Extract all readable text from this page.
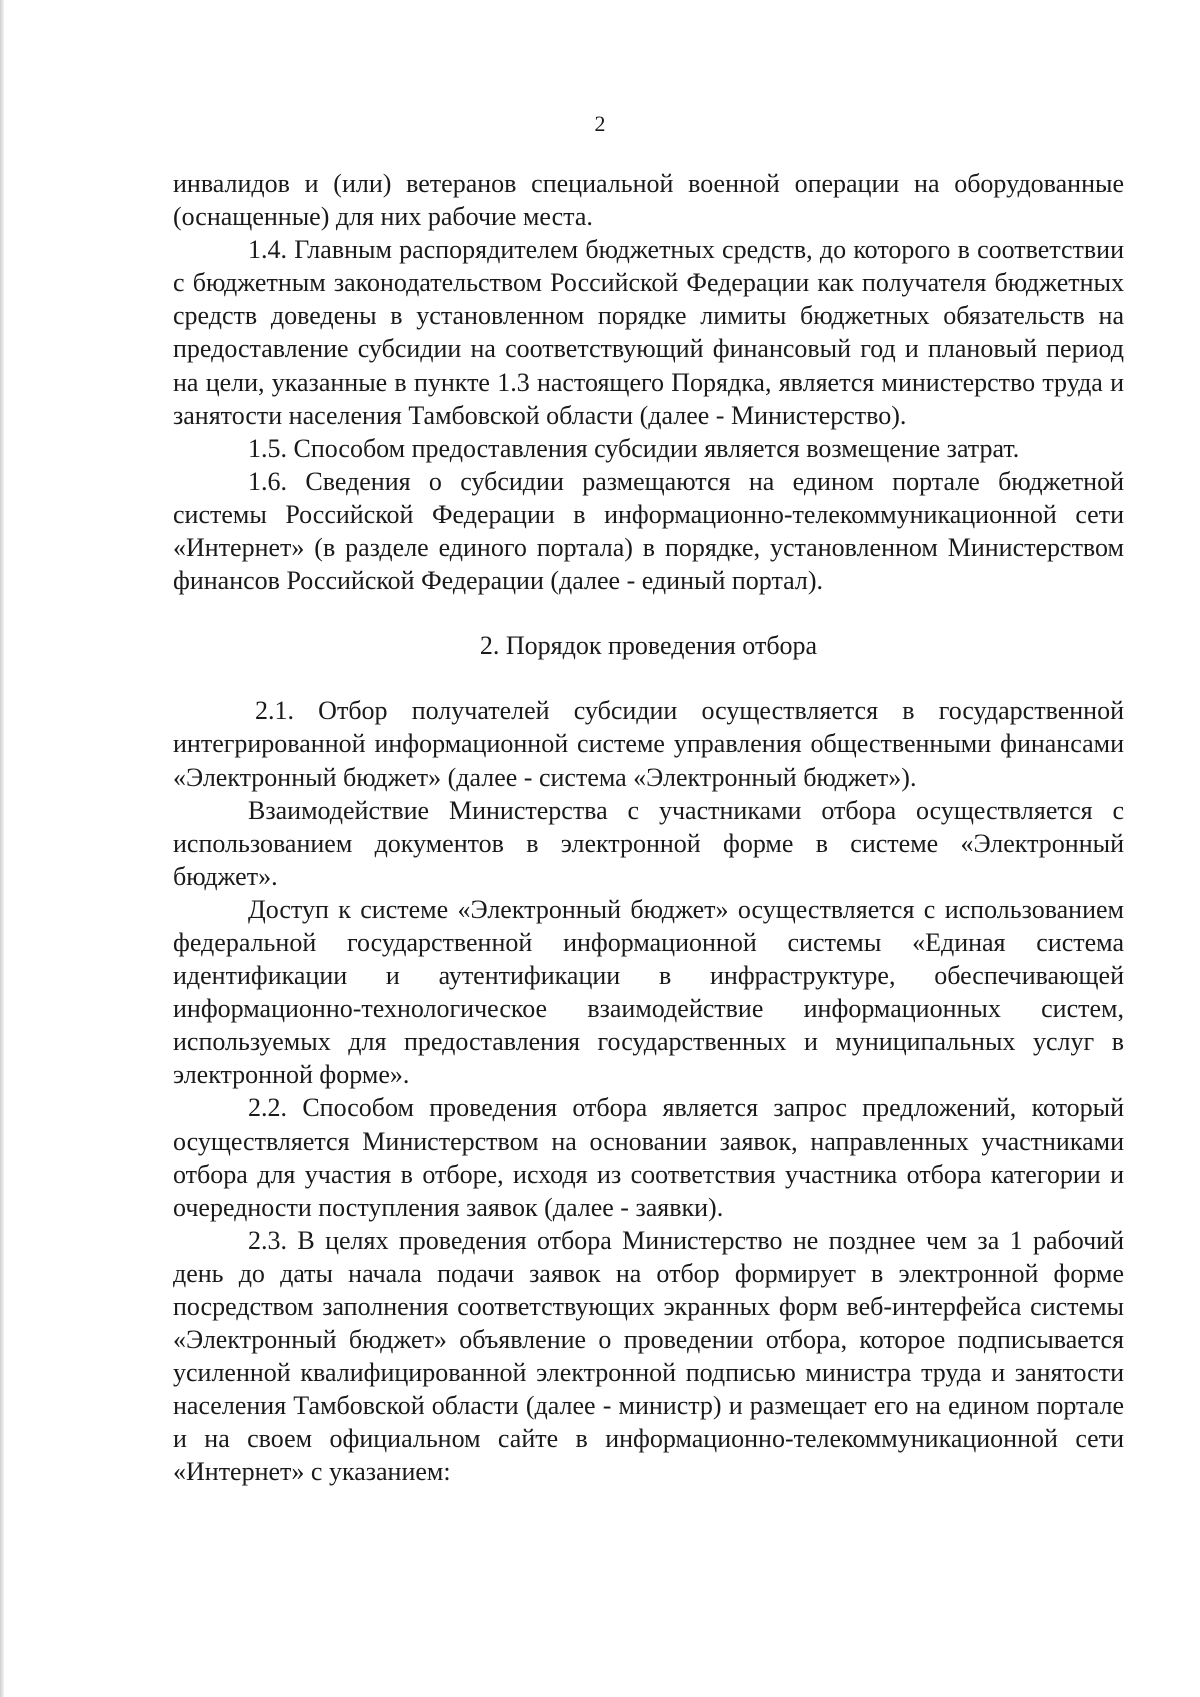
2

инвалидов и (или) ветеранов специальной военной операции на оборудованные (оснащенные) для них рабочие места.

1.4. Главным распорядителем бюджетных средств, до которого в соответствии с бюджетным законодательством Российской Федерации как получателя бюджетных средств доведены в установленном порядке лимиты бюджетных обязательств на предоставление субсидии на соответствующий финансовый год и плановый период на цели, указанные в пункте 1.3 настоящего Порядка, является министерство труда и занятости населения Тамбовской области (далее - Министерство).

1.5. Способом предоставления субсидии является возмещение затрат.

1.6. Сведения о субсидии размещаются на едином портале бюджетной системы Российской Федерации в информационно-телекоммуникационной сети «Интернет» (в разделе единого портала) в порядке, установленном Министерством финансов Российской Федерации (далее - единый портал).

2. Порядок проведения отбора

2.1. Отбор получателей субсидии осуществляется в государственной интегрированной информационной системе управления общественными финансами «Электронный бюджет» (далее - система «Электронный бюджет»).

Взаимодействие Министерства с участниками отбора осуществляется с использованием документов в электронной форме в системе «Электронный бюджет».

Доступ к системе «Электронный бюджет» осуществляется с использованием федеральной государственной информационной системы «Единая система идентификации и аутентификации в инфраструктуре, обеспечивающей информационно-технологическое взаимодействие информационных систем, используемых для предоставления государственных и муниципальных услуг в электронной форме».

2.2. Способом проведения отбора является запрос предложений, который осуществляется Министерством на основании заявок, направленных участниками отбора для участия в отборе, исходя из соответствия участника отбора категории и очередности поступления заявок (далее - заявки).

2.3. В целях проведения отбора Министерство не позднее чем за 1 рабочий день до даты начала подачи заявок на отбор формирует в электронной форме посредством заполнения соответствующих экранных форм веб-интерфейса системы «Электронный бюджет» объявление о проведении отбора, которое подписывается усиленной квалифицированной электронной подписью министра труда и занятости населения Тамбовской области (далее - министр) и размещает его на едином портале и на своем официальном сайте в информационно-телекоммуникационной сети «Интернет» с указанием:
